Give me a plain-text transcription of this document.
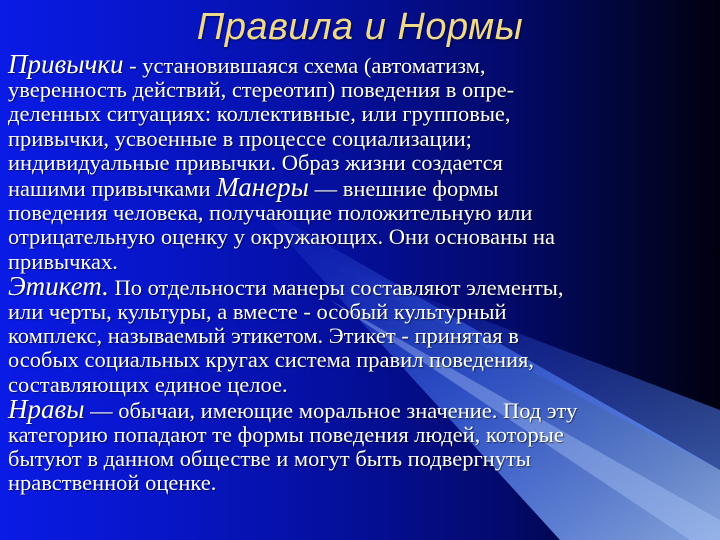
Правила и Нормы
Привычки - установившаяся схема (автоматизм,
уверенность действий, стереотип) поведения в опре-
деленных ситуациях: коллективные, или групповые,
привычки, усвоенные в процессе социализации;
индивидуальные привычки. Образ жизни создается
нашими привычками Манеры — внешние формы
поведения человека, получающие положительную или
отрицательную оценку у окружающих. Они основаны на
привычках.
Этикет. По отдельности манеры составляют элементы,
или черты, культуры, а вместе - особый культурный
комплекс, называемый этикетом. Этикет - принятая в
особых социальных кругах система правил поведения,
составляющих единое целое.
Нравы — обычаи, имеющие моральное значение. Под эту
категорию попадают те формы поведения людей, которые
бытуют в данном обществе и могут быть подвергнуты
нравственной оценке.
